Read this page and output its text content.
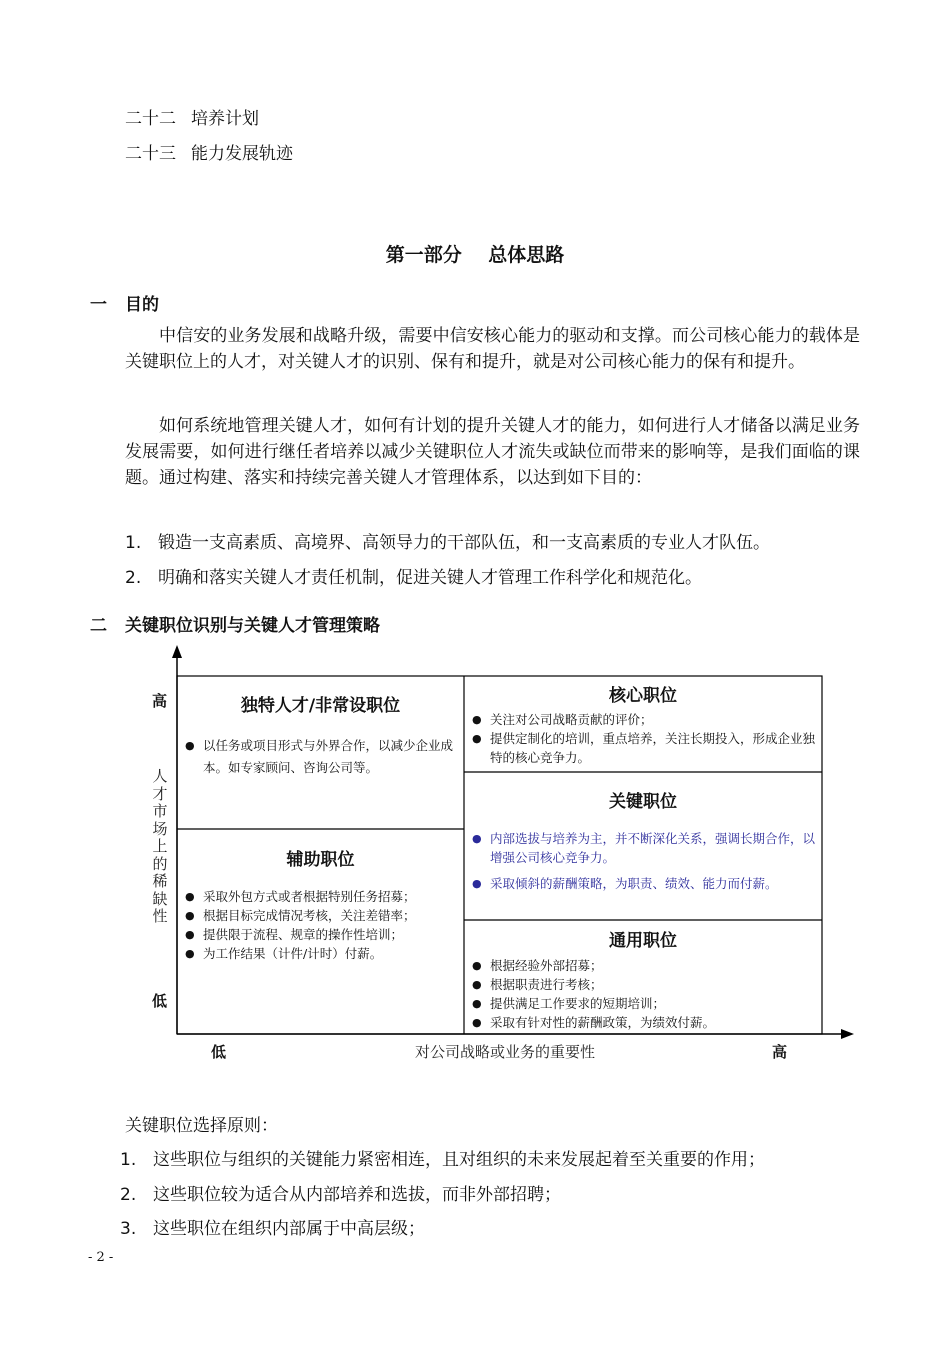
二十二 培养计划
二十三 能力发展轨迹
第一部分    总体思路
一 目的
中信安的业务发展和战略升级，需要中信安核心能力的驱动和支撑。而公司核心能力的载体是关键职位上的人才，对关键人才的识别、保有和提升，就是对公司核心能力的保有和提升。
如何系统地管理关键人才，如何有计划的提升关键人才的能力，如何进行人才储备以满足业务发展需要，如何进行继任者培养以减少关键职位人才流失或缺位而带来的影响等，是我们面临的课题。通过构建、落实和持续完善关键人才管理体系，以达到如下目的：
1. 锻造一支高素质、高境界、高领导力的干部队伍，和一支高素质的专业人才队伍。
2. 明确和落实关键人才责任机制，促进关键人才管理工作科学化和规范化。
二 关键职位识别与关键人才管理策略
高
低
人才市场上的稀缺性
低	高
对公司战略或业务的重要性
独特人才/非常设职位
● 以任务或项目形式与外界合作，以减少企业成本。如专家顾问、咨询公司等。
辅助职位
● 采取外包方式或者根据特别任务招募；
● 根据目标完成情况考核，关注差错率；
● 提供限于流程、规章的操作性培训；
● 为工作结果（计件/计时）付薪。
核心职位
● 关注对公司战略贡献的评价；
● 提供定制化的培训，重点培养，关注长期投入，形成企业独特的核心竞争力。
关键职位
● 内部选拔与培养为主，并不断深化关系，强调长期合作，以增强公司核心竞争力。
● 采取倾斜的薪酬策略，为职责、绩效、能力而付薪。
通用职位
● 根据经验外部招募；
● 根据职责进行考核；
● 提供满足工作要求的短期培训；
● 采取有针对性的薪酬政策，为绩效付薪。
关键职位选择原则：
1. 这些职位与组织的关键能力紧密相连，且对组织的未来发展起着至关重要的作用；
2. 这些职位较为适合从内部培养和选拔，而非外部招聘；
3. 这些职位在组织内部属于中高层级；
- 2 -
